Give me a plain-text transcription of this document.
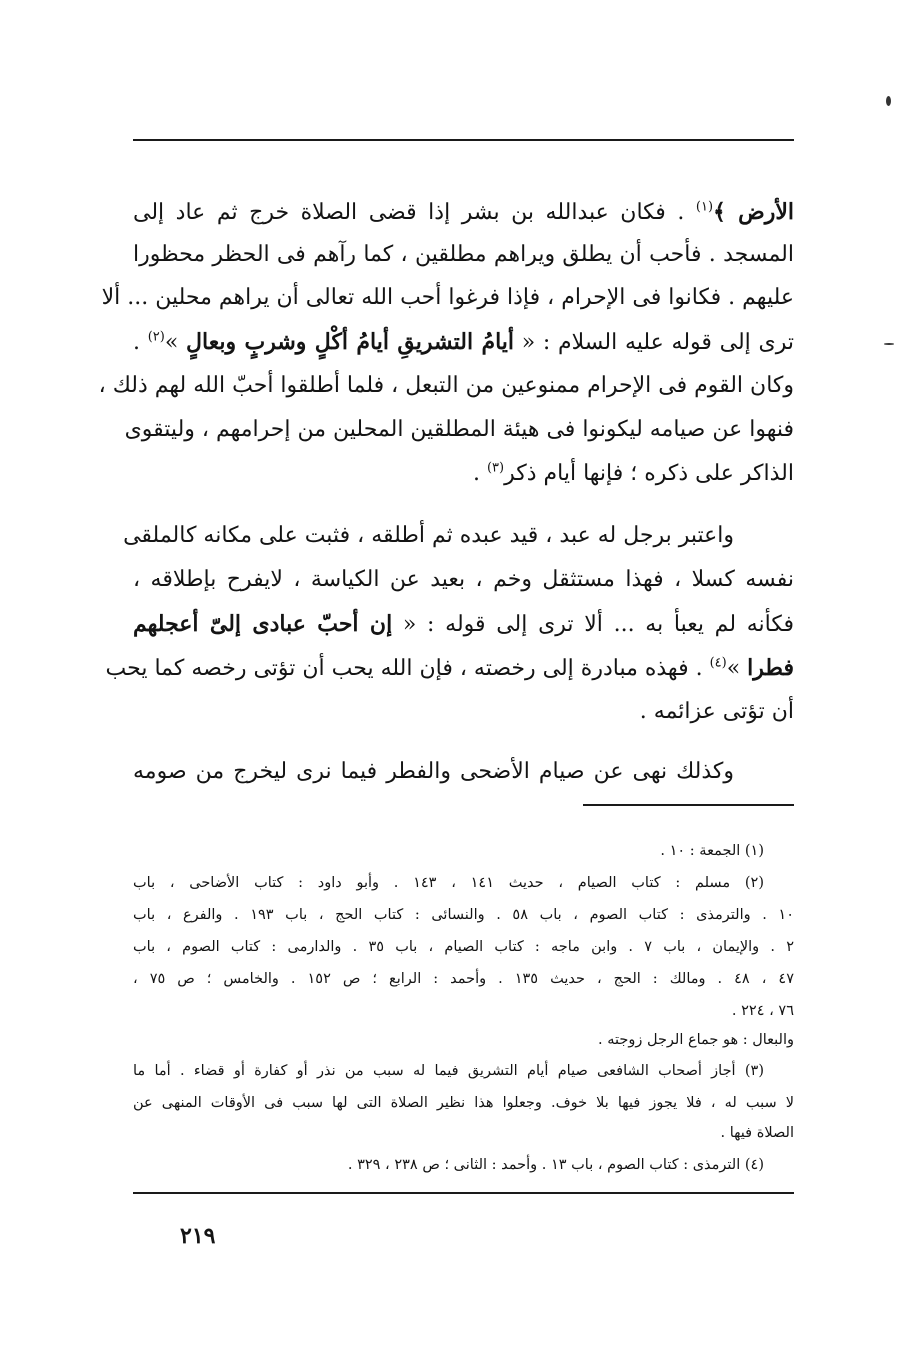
الأرض ﴾$^{(١)}$ . فكان عبدالله بن بشر إذا قضى الصلاة خرج ثم عاد إلى
المسجد . فأحب أن يطلق ويراهم مطلقين ، كما رآهم فى الحظر محظورا
عليهم . فكانوا فى الإحرام ، فإذا فرغوا أحب الله تعالى أن يراهم محلين ... ألا
ترى إلى قوله عليه السلام : « أيامُ التشريقِ أيامُ أكْلٍ وشربٍ وبعالٍ »$^{(٢)}$ .
وكان القوم فى الإحرام ممنوعين من التبعل ، فلما أطلقوا أحبّ الله لهم ذلك ،
فنهوا عن صيامه ليكونوا فى هيئة المطلقين المحلين من إحرامهم ، وليتقوى
الذاكر على ذكره ؛ فإنها أيام ذكر$^{(٣)}$ .
واعتبر برجل له عبد ، قيد عبده ثم أطلقه ، فثبت على مكانه كالملقى
نفسه كسلا ، فهذا مستثقل وخم ، بعيد عن الكياسة ، لايفرح بإطلاقه ،
فكأنه لم يعبأ به ... ألا ترى إلى قوله : « إن أحبّ عبادى إلىّ أعجلهم
فطرا »$^{(٤)}$ . فهذه مبادرة إلى رخصته ، فإن الله يحب أن تؤتى رخصه كما يحب
أن تؤتى عزائمه .
وكذلك نهى عن صيام الأضحى والفطر فيما نرى ليخرج من صومه
(١) الجمعة : ١٠ .
(٢) مسلم : كتاب الصيام ، حديث ١٤١ ، ١٤٣ . وأبو داود : كتاب الأضاحى ، باب
١٠ . والترمذى : كتاب الصوم ، باب ٥٨ . والنسائى : كتاب الحج ، باب ١٩٣ . والفرع ، باب
٢ . والإيمان ، باب ٧ . وابن ماجه : كتاب الصيام ، باب ٣٥ . والدارمى : كتاب الصوم ، باب
٤٧ ، ٤٨ . ومالك : الحج ، حديث ١٣٥ . وأحمد : الرابع ؛ ص ١٥٢ . والخامس ؛ ص ٧٥ ،
٧٦ ، ٢٢٤ .
والبعال : هو جماع الرجل زوجته .
(٣) أجاز أصحاب الشافعى صيام أيام التشريق فيما له سبب من نذر أو كفارة أو قضاء . أما ما
لا سبب له ، فلا يجوز فيها بلا خوف. وجعلوا هذا نظير الصلاة التى لها سبب فى الأوقات المنهى عن
الصلاة فيها .
(٤) الترمذى : كتاب الصوم ، باب ١٣ . وأحمد : الثانى ؛ ص ٢٣٨ ، ٣٢٩ .
٢١٩
